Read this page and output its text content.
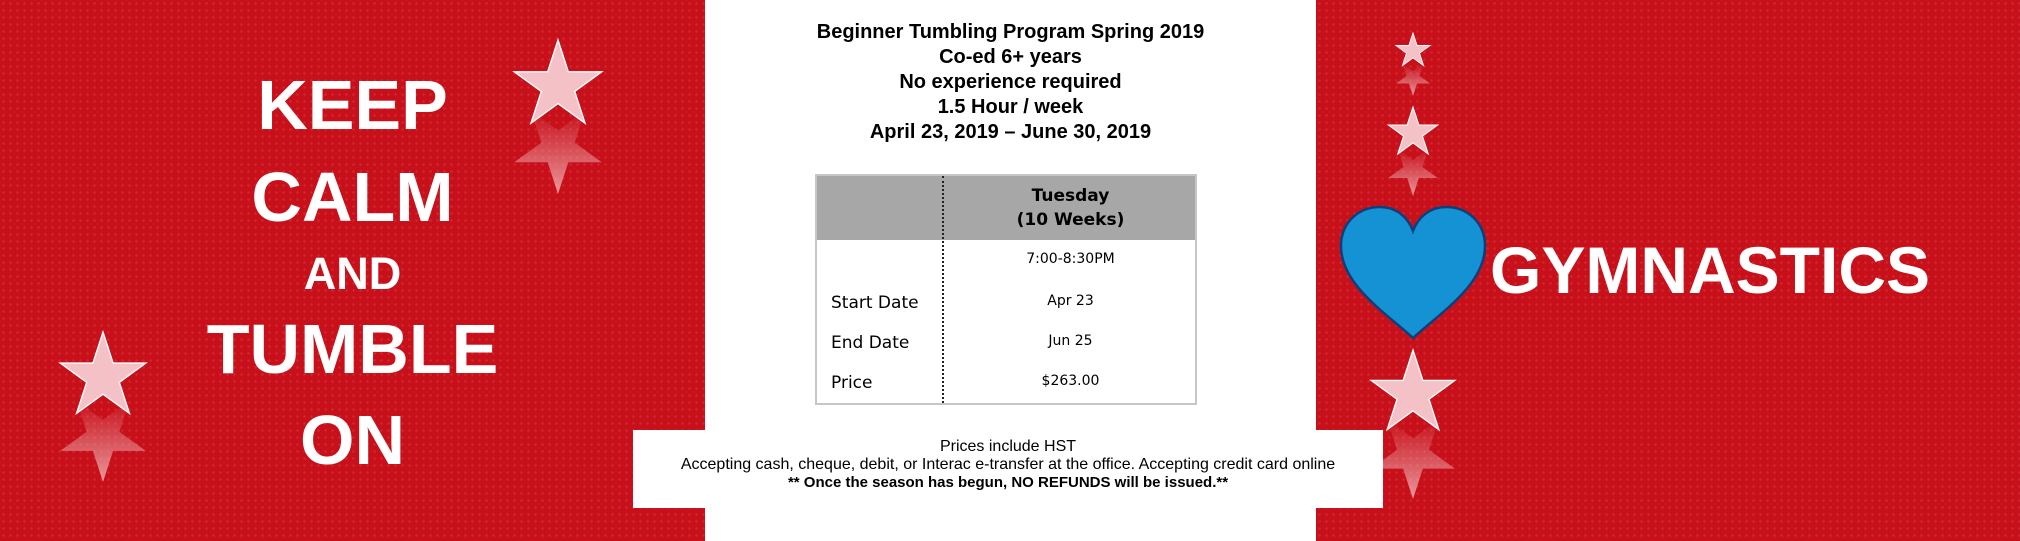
KEEP
CALM
AND
TUMBLE
ON
Beginner Tumbling Program Spring 2019
Co-ed 6+ years
No experience required
1.5 Hour / week
April 23, 2019 – June 30, 2019
Tuesday
(10 Weeks)
7:00-8:30PM
Start Date	Apr 23
End Date	Jun 25
Price	$263.00
Prices include HST
Accepting cash, cheque, debit, or Interac e-transfer at the office. Accepting credit card online
** Once the season has begun, NO REFUNDS will be issued.**
GYMNASTICS
